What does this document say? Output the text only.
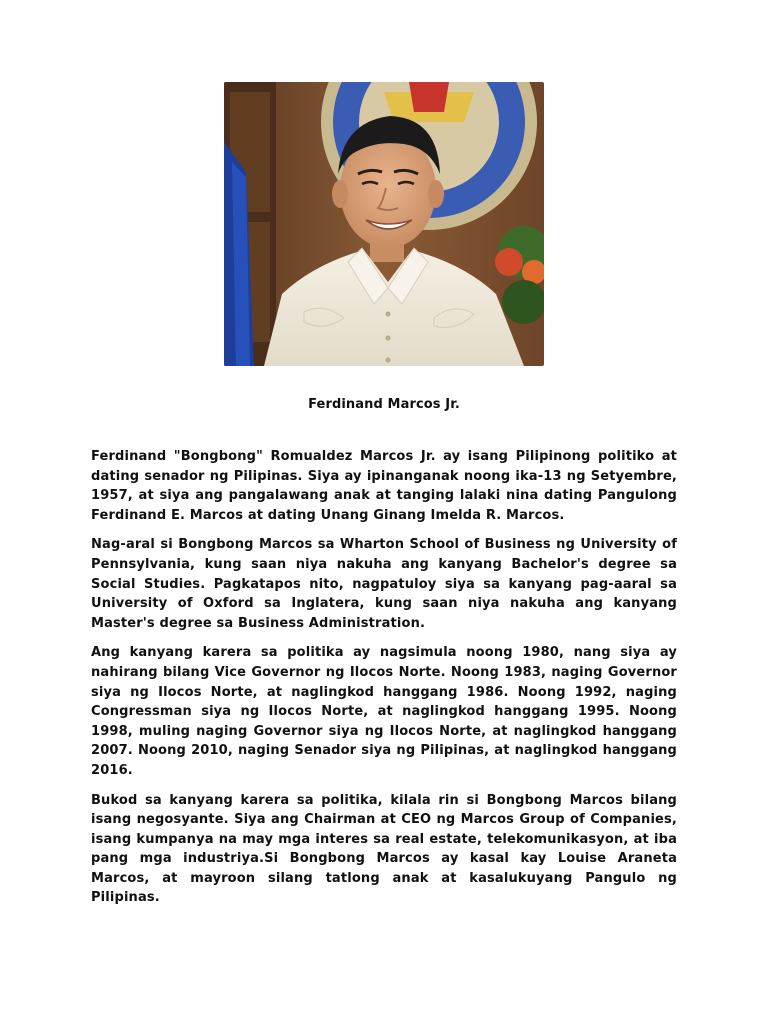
Ferdinand Marcos Jr.

Ferdinand "Bongbong" Romualdez Marcos Jr. ay isang Pilipinong politiko at dating senador ng Pilipinas. Siya ay ipinanganak noong ika-13 ng Setyembre, 1957, at siya ang pangalawang anak at tanging lalaki nina dating Pangulong Ferdinand E. Marcos at dating Unang Ginang Imelda R. Marcos.

Nag-aral si Bongbong Marcos sa Wharton School of Business ng University of Pennsylvania, kung saan niya nakuha ang kanyang Bachelor's degree sa Social Studies. Pagkatapos nito, nagpatuloy siya sa kanyang pag-aaral sa University of Oxford sa Inglatera, kung saan niya nakuha ang kanyang Master's degree sa Business Administration.

Ang kanyang karera sa politika ay nagsimula noong 1980, nang siya ay nahirang bilang Vice Governor ng Ilocos Norte. Noong 1983, naging Governor siya ng Ilocos Norte, at naglingkod hanggang 1986. Noong 1992, naging Congressman siya ng Ilocos Norte, at naglingkod hanggang 1995. Noong 1998, muling naging Governor siya ng Ilocos Norte, at naglingkod hanggang 2007. Noong 2010, naging Senador siya ng Pilipinas, at naglingkod hanggang 2016.

Bukod sa kanyang karera sa politika, kilala rin si Bongbong Marcos bilang isang negosyante. Siya ang Chairman at CEO ng Marcos Group of Companies, isang kumpanya na may mga interes sa real estate, telekomunikasyon, at iba pang mga industriya.Si Bongbong Marcos ay kasal kay Louise Araneta Marcos, at mayroon silang tatlong anak at kasalukuyang Pangulo ng Pilipinas.
